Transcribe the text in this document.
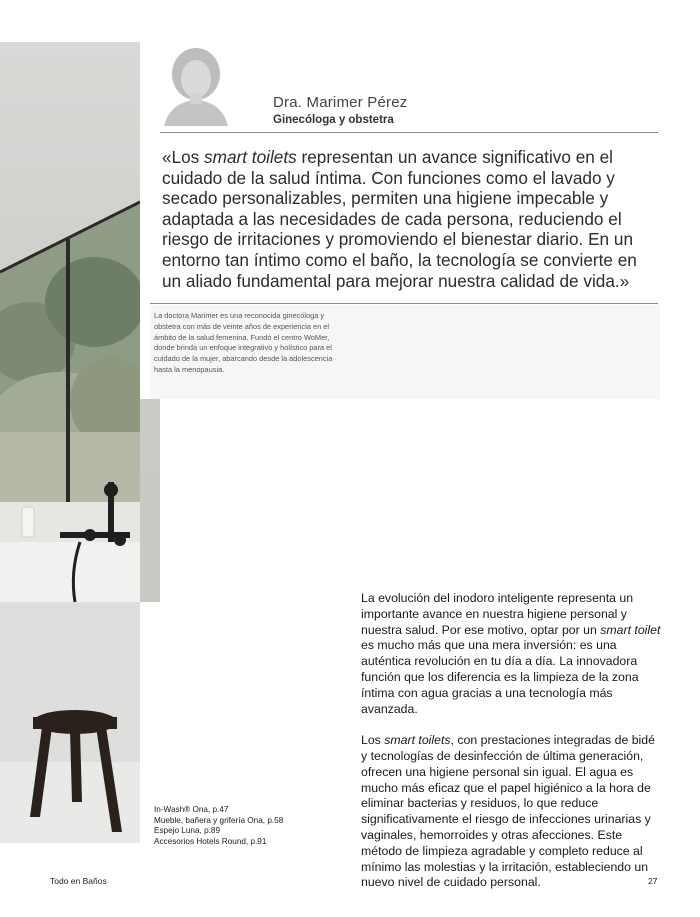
Dra. Marimer Pérez
Ginecóloga y obstetra

«Los smart toilets representan un avance significativo en el cuidado de la salud íntima. Con funciones como el lavado y secado personalizables, permiten una higiene impecable y adaptada a las necesidades de cada persona, reduciendo el riesgo de irritaciones y promoviendo el bienestar diario. En un entorno tan íntimo como el baño, la tecnología se convierte en un aliado fundamental para mejorar nuestra calidad de vida.»

La doctora Marimer es una reconocida ginecóloga y obstetra con más de veinte años de experiencia en el ámbito de la salud femenina. Fundó el centro WoMer, donde brinda un enfoque integrativo y holístico para el cuidado de la mujer, abarcando desde la adolescencia hasta la menopausia.

In-Wash® Ona, p.47
Mueble, bañera y grifería Ona, p.58
Espejo Luna, p.89
Accesorios Hotels Round, p.91

La evolución del inodoro inteligente representa un importante avance en nuestra higiene personal y nuestra salud. Por ese motivo, optar por un smart toilet es mucho más que una mera inversión: es una auténtica revolución en tu día a día. La innovadora función que los diferencia es la limpieza de la zona íntima con agua gracias a una tecnología más avanzada.

Los smart toilets, con prestaciones integradas de bidé y tecnologías de desinfección de última generación, ofrecen una higiene personal sin igual. El agua es mucho más eficaz que el papel higiénico a la hora de eliminar bacterias y residuos, lo que reduce significativamente el riesgo de infecciones urinarias y vaginales, hemorroides y otras afecciones. Este método de limpieza agradable y completo reduce al mínimo las molestias y la irritación, estableciendo un nuevo nivel de cuidado personal.

Todo en Baños	27
